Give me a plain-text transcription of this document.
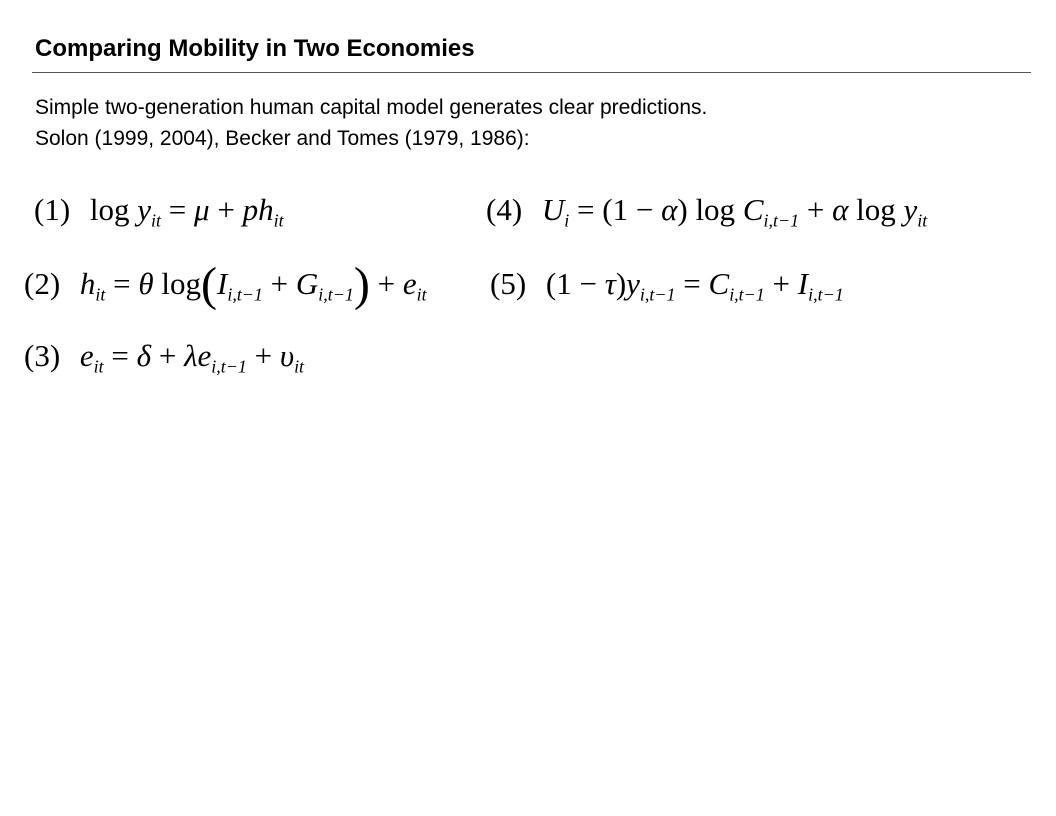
Comparing Mobility in Two Economies
Simple two-generation human capital model generates clear predictions.
Solon (1999, 2004), Becker and Tomes (1979, 1986):
(1) $\log y_{it} = \mu + ph_{it}$
(2) $h_{it} = \theta$ $\log(I_{i,t-1} + G_{i,t-1}) + e_{it}$
(3) $e_{it} = \delta + \lambda e_{i,t-1} + \upsilon_{it}$
(4) $U_i = (1 - \alpha)$ $\log C_{i,t-1} + \alpha$ $\log y_{it}$
(5) $(1 - \tau)y_{i,t-1} = C_{i,t-1} + I_{i,t-1}$
